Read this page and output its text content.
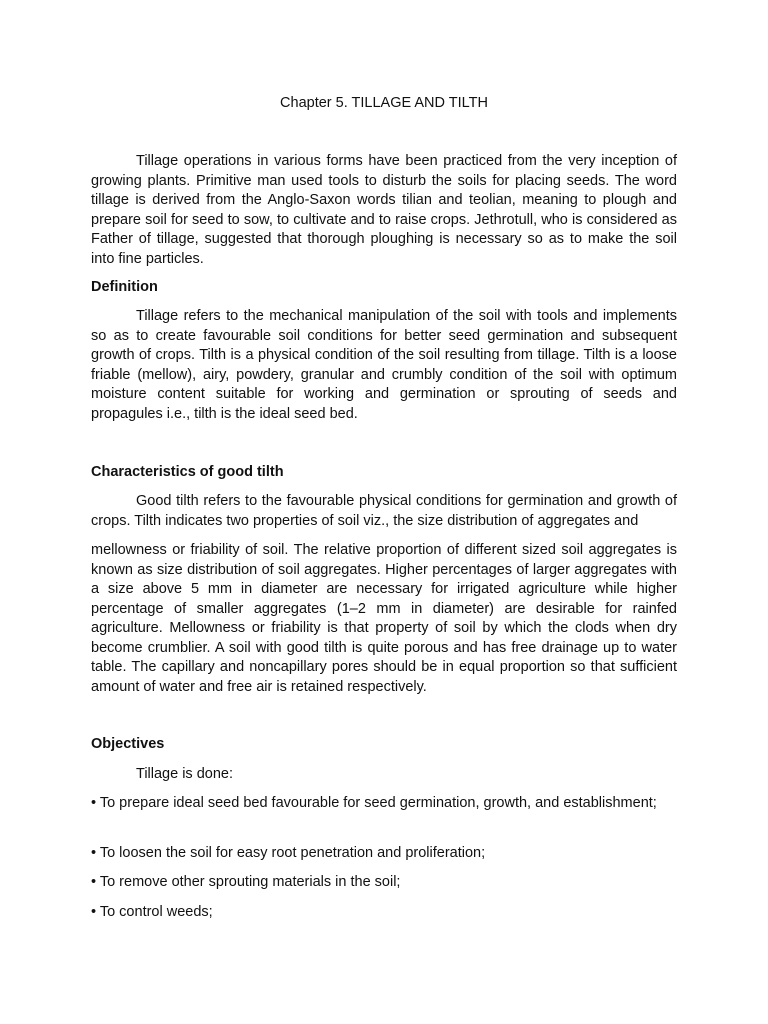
Chapter 5. TILLAGE AND TILTH

Tillage operations in various forms have been practiced from the very inception of growing plants. Primitive man used tools to disturb the soils for placing seeds. The word tillage is derived from the Anglo-Saxon words tilian and teolian, meaning to plough and prepare soil for seed to sow, to cultivate and to raise crops. Jethrotull, who is considered as Father of tillage, suggested that thorough ploughing is necessary so as to make the soil into fine particles.

Definition

Tillage refers to the mechanical manipulation of the soil with tools and implements so as to create favourable soil conditions for better seed germination and subsequent growth of crops. Tilth is a physical condition of the soil resulting from tillage. Tilth is a loose friable (mellow), airy, powdery, granular and crumbly condition of the soil with optimum moisture content suitable for working and germination or sprouting of seeds and propagules i.e., tilth is the ideal seed bed.

Characteristics of good tilth

Good tilth refers to the favourable physical conditions for germination and growth of crops. Tilth indicates two properties of soil viz., the size distribution of aggregates and

mellowness or friability of soil. The relative proportion of different sized soil aggregates is known as size distribution of soil aggregates. Higher percentages of larger aggregates with a size above 5 mm in diameter are necessary for irrigated agriculture while higher percentage of smaller aggregates (1–2 mm in diameter) are desirable for rainfed agriculture. Mellowness or friability is that property of soil by which the clods when dry become crumblier. A soil with good tilth is quite porous and has free drainage up to water table. The capillary and noncapillary pores should be in equal proportion so that sufficient amount of water and free air is retained respectively.

Objectives

Tillage is done:

• To prepare ideal seed bed favourable for seed germination, growth, and establishment;

• To loosen the soil for easy root penetration and proliferation;

• To remove other sprouting materials in the soil;

• To control weeds;
